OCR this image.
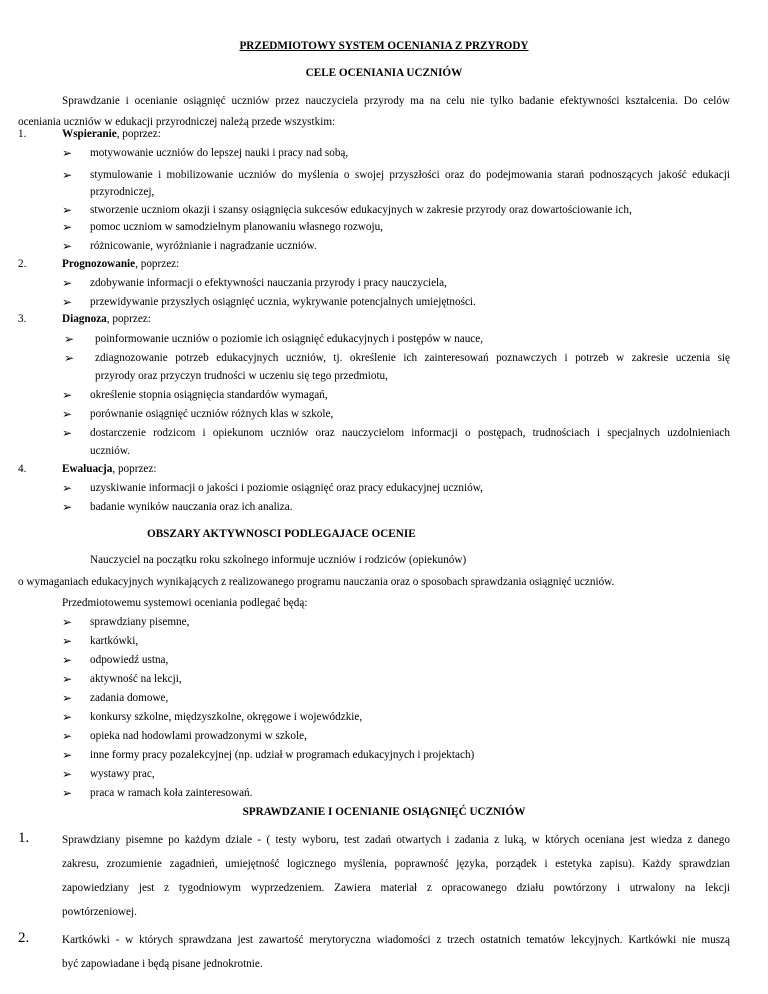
PRZEDMIOTOWY SYSTEM OCENIANIA Z PRZYRODY
CELE OCENIANIA UCZNIÓW
Sprawdzanie i ocenianie osiągnięć uczniów przez nauczyciela przyrody ma na celu nie tylko badanie efektywności kształcenia. Do celów
oceniania uczniów w edukacji przyrodniczej należą przede wszystkim:
1.	Wspieranie, poprzez:
➢ motywowanie uczniów do lepszej nauki i pracy nad sobą,
➢ stymulowanie i mobilizowanie uczniów do myślenia o swojej przyszłości oraz do podejmowania starań podnoszących jakość edukacji
przyrodniczej,
➢ stworzenie uczniom okazji i szansy osiągnięcia sukcesów edukacyjnych w zakresie przyrody oraz dowartościowanie ich,
➢ pomoc uczniom w samodzielnym planowaniu własnego rozwoju,
➢ różnicowanie, wyróżnianie i nagradzanie uczniów.
2.	Prognozowanie, poprzez:
➢ zdobywanie informacji o efektywności nauczania przyrody i pracy nauczyciela,
➢ przewidywanie przyszłych osiągnięć ucznia, wykrywanie potencjalnych umiejętności.
3.	Diagnoza, poprzez:
➢ poinformowanie uczniów o poziomie ich osiągnięć edukacyjnych i postępów w nauce,
➢ zdiagnozowanie potrzeb edukacyjnych uczniów, tj. określenie ich zainteresowań poznawczych i potrzeb w zakresie uczenia się
przyrody oraz przyczyn trudności w uczeniu się tego przedmiotu,
➢ określenie stopnia osiągnięcia standardów wymagań,
➢ porównanie osiągnięć uczniów różnych klas w szkole,
➢ dostarczenie rodzicom i opiekunom uczniów oraz nauczycielom informacji o postępach, trudnościach i specjalnych uzdolnieniach
uczniów.
4.	Ewaluacja, poprzez:
➢ uzyskiwanie informacji o jakości i poziomie osiągnięć oraz pracy edukacyjnej uczniów,
➢ badanie wyników nauczania oraz ich analiza.
OBSZARY AKTYWNOSCI PODLEGAJACE OCENIE
Nauczyciel na początku roku szkolnego informuje uczniów i rodziców (opiekunów)
o wymaganiach edukacyjnych wynikających z realizowanego programu nauczania oraz o sposobach sprawdzania osiągnięć uczniów.
Przedmiotowemu systemowi oceniania podlegać będą:
➢ sprawdziany pisemne,
➢ kartkówki,
➢ odpowiedź ustna,
➢ aktywność na lekcji,
➢ zadania domowe,
➢ konkursy szkolne, międzyszkolne, okręgowe i wojewódzkie,
➢ opieka nad hodowlami prowadzonymi w szkole,
➢ inne formy pracy pozalekcyjnej (np. udział w programach edukacyjnych i projektach)
➢ wystawy prac,
➢ praca w ramach koła zainteresowań.
SPRAWDZANIE I OCENIANIE OSIĄGNIĘĆ UCZNIÓW
1.	Sprawdziany pisemne po każdym dziale - ( testy wyboru, test zadań otwartych i zadania z luką, w których oceniana jest wiedza z danego
zakresu, zrozumienie zagadnień, umiejętność logicznego myślenia, poprawność języka, porządek i estetyka zapisu). Każdy sprawdzian
zapowiedziany jest z tygodniowym wyprzedzeniem. Zawiera materiał z opracowanego działu powtórzony i utrwalony na lekcji
powtórzeniowej.
2.	Kartkówki - w których sprawdzana jest zawartość merytoryczna wiadomości z trzech ostatnich tematów lekcyjnych. Kartkówki nie muszą
być zapowiadane i będą pisane jednokrotnie.
